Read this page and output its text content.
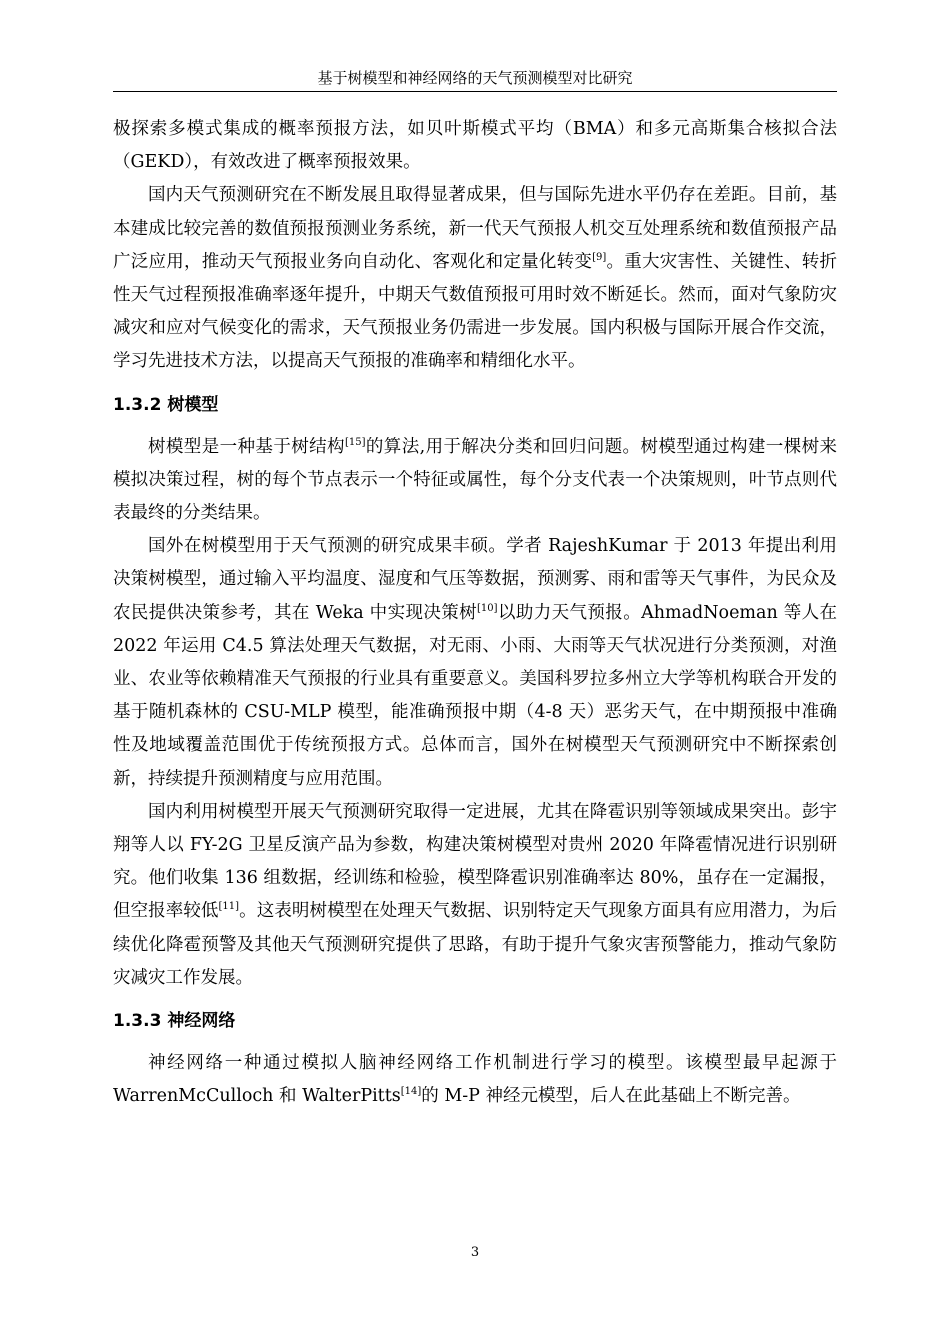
基于树模型和神经网络的天气预测模型对比研究

极探索多模式集成的概率预报方法，如贝叶斯模式平均（BMA）和多元高斯集合核拟合法（GEKD），有效改进了概率预报效果。

国内天气预测研究在不断发展且取得显著成果，但与国际先进水平仍存在差距。目前，基本建成比较完善的数值预报预测业务系统，新一代天气预报人机交互处理系统和数值预报产品广泛应用，推动天气预报业务向自动化、客观化和定量化转变[9]。重大灾害性、关键性、转折性天气过程预报准确率逐年提升，中期天气数值预报可用时效不断延长。然而，面对气象防灾减灾和应对气候变化的需求，天气预报业务仍需进一步发展。国内积极与国际开展合作交流，学习先进技术方法，以提高天气预报的准确率和精细化水平。

1.3.2 树模型

树模型是一种基于树结构[15]的算法,用于解决分类和回归问题。树模型通过构建一棵树来模拟决策过程，树的每个节点表示一个特征或属性，每个分支代表一个决策规则，叶节点则代表最终的分类结果。

国外在树模型用于天气预测的研究成果丰硕。学者 RajeshKumar 于 2013 年提出利用决策树模型，通过输入平均温度、湿度和气压等数据，预测雾、雨和雷等天气事件，为民众及农民提供决策参考，其在 Weka 中实现决策树[10]以助力天气预报。AhmadNoeman 等人在 2022 年运用 C4.5 算法处理天气数据，对无雨、小雨、大雨等天气状况进行分类预测，对渔业、农业等依赖精准天气预报的行业具有重要意义。美国科罗拉多州立大学等机构联合开发的基于随机森林的 CSU-MLP 模型，能准确预报中期（4-8 天）恶劣天气，在中期预报中准确性及地域覆盖范围优于传统预报方式。总体而言，国外在树模型天气预测研究中不断探索创新，持续提升预测精度与应用范围。

国内利用树模型开展天气预测研究取得一定进展，尤其在降雹识别等领域成果突出。彭宇翔等人以 FY-2G 卫星反演产品为参数，构建决策树模型对贵州 2020 年降雹情况进行识别研究。他们收集 136 组数据，经训练和检验，模型降雹识别准确率达 80%，虽存在一定漏报，但空报率较低[11]。这表明树模型在处理天气数据、识别特定天气现象方面具有应用潜力，为后续优化降雹预警及其他天气预测研究提供了思路，有助于提升气象灾害预警能力，推动气象防灾减灾工作发展。

1.3.3 神经网络

神经网络一种通过模拟人脑神经网络工作机制进行学习的模型。该模型最早起源于 WarrenMcCulloch 和 WalterPitts[14]的 M-P 神经元模型，后人在此基础上不断完善。

3
